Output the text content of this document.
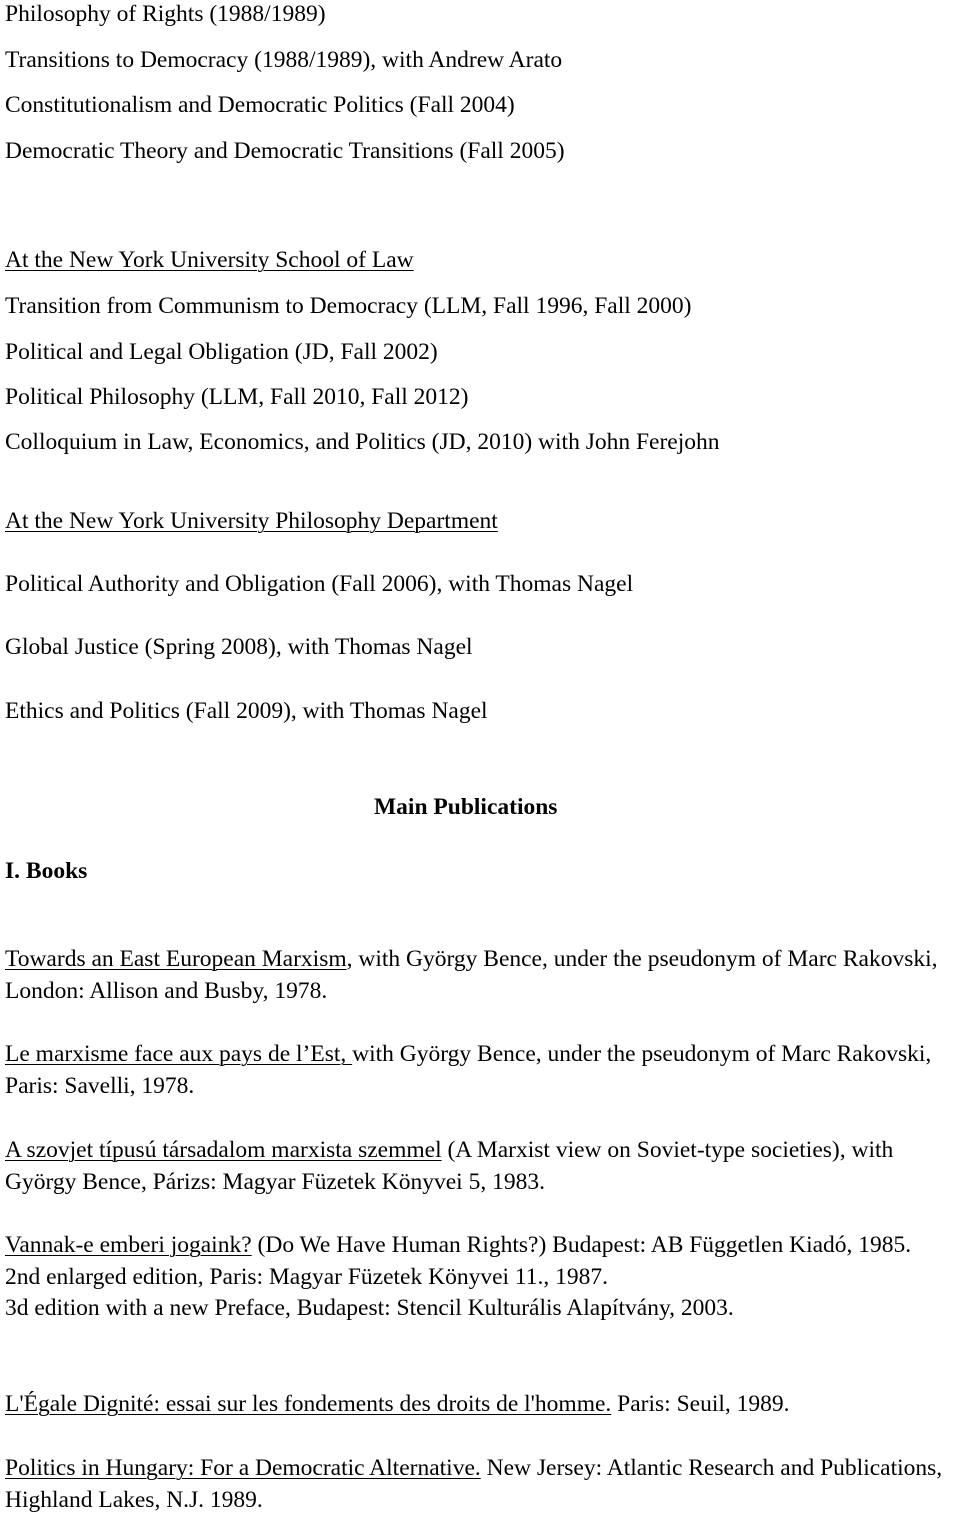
Philosophy of Rights (1988/1989)
Transitions to Democracy (1988/1989), with Andrew Arato
Constitutionalism and Democratic Politics (Fall 2004)
Democratic Theory and Democratic Transitions (Fall 2005)
At the New York University School of Law
Transition from Communism to Democracy (LLM, Fall 1996, Fall 2000)
Political and Legal Obligation (JD, Fall 2002)
Political Philosophy (LLM, Fall 2010, Fall 2012)
Colloquium in Law, Economics, and Politics (JD, 2010) with John Ferejohn
At the New York University Philosophy Department
Political Authority and Obligation (Fall 2006), with Thomas Nagel
Global Justice (Spring 2008), with Thomas Nagel
Ethics and Politics (Fall 2009), with Thomas Nagel
Main Publications
I. Books
Towards an East European Marxism, with György Bence, under the pseudonym of Marc Rakovski, London: Allison and Busby, 1978.
Le marxisme face aux pays de l’Est, with György Bence, under the pseudonym of Marc Rakovski, Paris: Savelli, 1978.
A szovjet típusú társadalom marxista szemmel (A Marxist view on Soviet-type societies), with György Bence, Párizs: Magyar Füzetek Könyvei 5, 1983.
Vannak-e emberi jogaink? (Do We Have Human Rights?) Budapest: AB Független Kiadó, 1985.
2nd enlarged edition, Paris: Magyar Füzetek Könyvei 11., 1987.
3d edition with a new Preface, Budapest: Stencil Kulturális Alapítvány, 2003.
L'Égale Dignité: essai sur les fondements des droits de l'homme. Paris: Seuil, 1989.
Politics in Hungary: For a Democratic Alternative. New Jersey: Atlantic Research and Publications, Highland Lakes, N.J. 1989.
